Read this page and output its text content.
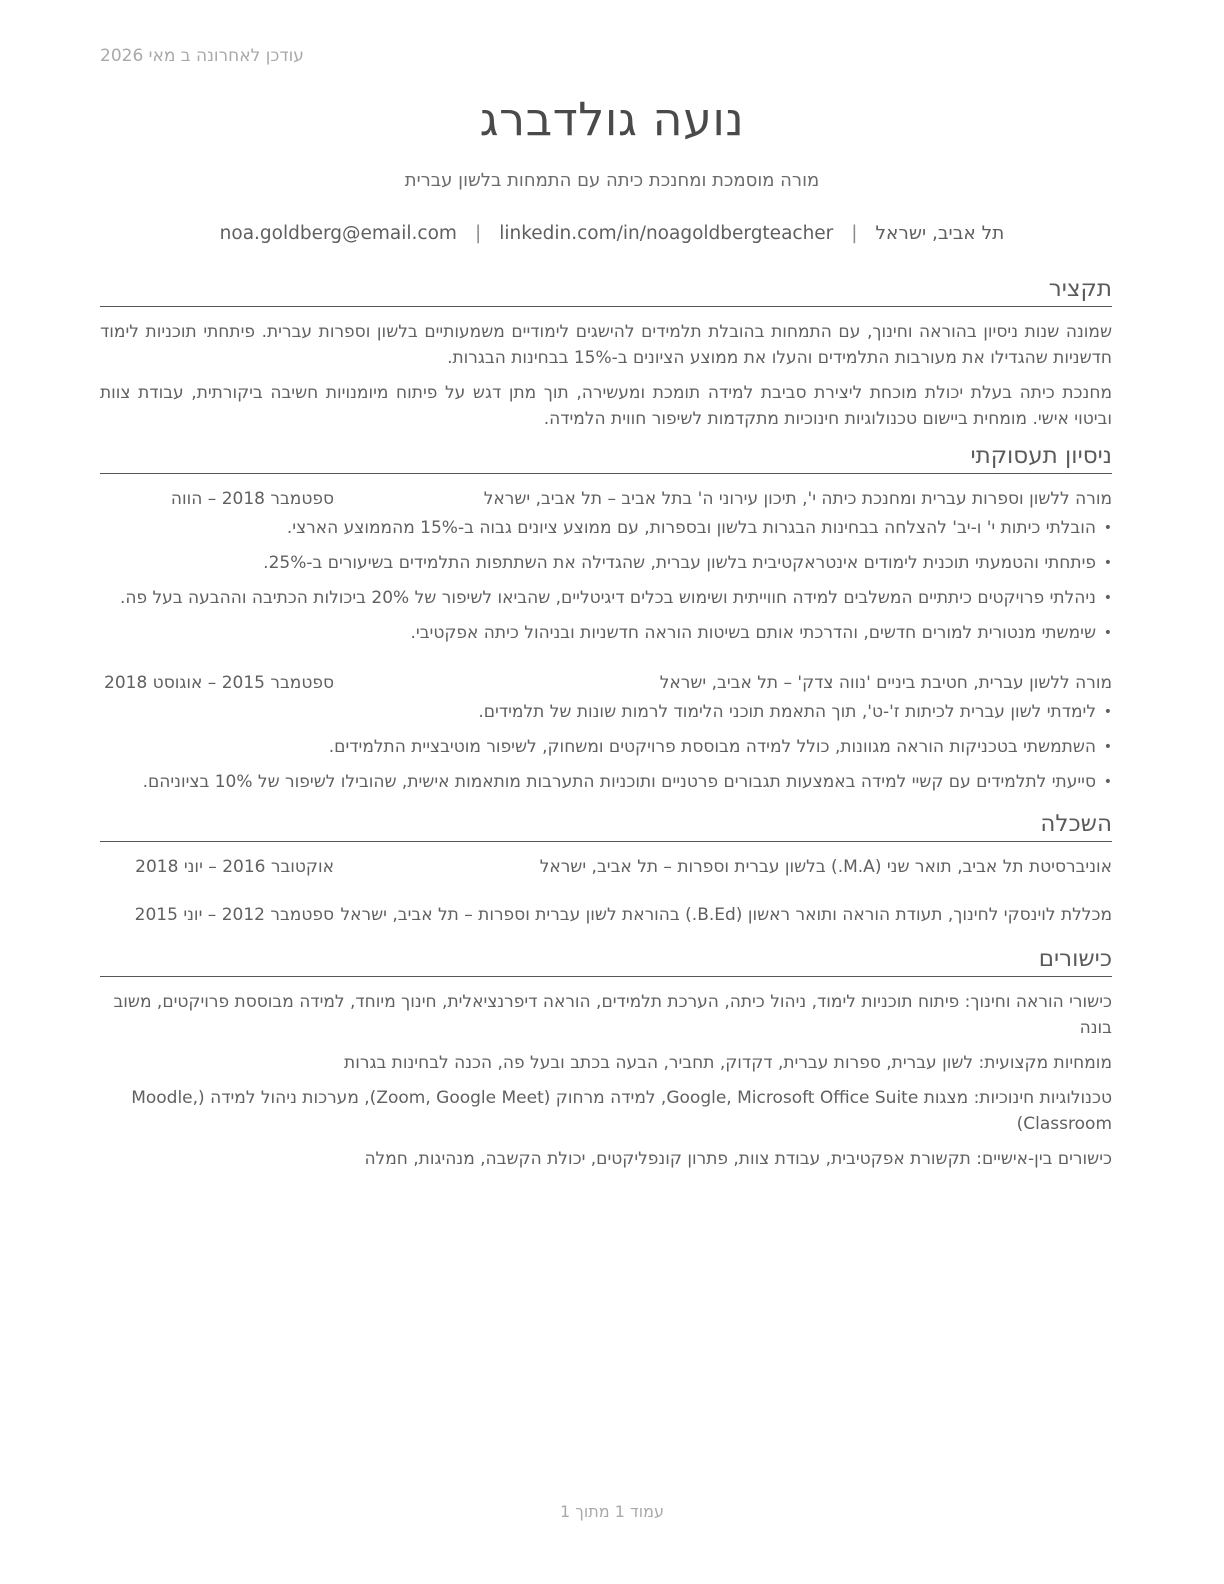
עודכן לאחרונה ב מאי 2026
נועה גולדברג
מורה מוסמכת ומחנכת כיתה עם התמחות בלשון עברית
תל אביב, ישראל|noa.goldberg@email.com | linkedin.com/in/noagoldbergteacher
תקציר

שמונה שנות ניסיון בהוראה וחינוך, עם התמחות בהובלת תלמידים להישגים לימודיים משמעותיים בלשון וספרות עברית. פיתחתי תוכניות לימוד חדשניות שהגדילו את מעורבות התלמידים והעלו את ממוצע הציונים ב-15% בבחינות הבגרות.

מחנכת כיתה בעלת יכולת מוכחת ליצירת סביבת למידה תומכת ומעשירה, תוך מתן דגש על פיתוח מיומנויות חשיבה ביקורתית, עבודת צוות וביטוי אישי. מומחית ביישום טכנולוגיות חינוכיות מתקדמות לשיפור חווית הלמידה.

ניסיון תעסוקתי
מורה ללשון וספרות עברית ומחנכת כיתה י', תיכון עירוני ה' בתל אביב – תל אביב, ישראל
ספטמבר 2018 – הווה
•
הובלתי כיתות י' ו-יב' להצלחה בבחינות הבגרות בלשון ובספרות, עם ממוצע ציונים גבוה ב-15% מהממוצע הארצי.
•
פיתחתי והטמעתי תוכנית לימודים אינטראקטיבית בלשון עברית, שהגדילה את השתתפות התלמידים בשיעורים ב-25%.
•
ניהלתי פרויקטים כיתתיים המשלבים למידה חווייתית ושימוש בכלים דיגיטליים, שהביאו לשיפור של 20% ביכולות הכתיבה וההבעה בעל פה.
•
שימשתי מנטורית למורים חדשים, והדרכתי אותם בשיטות הוראה חדשניות ובניהול כיתה אפקטיבי.
מורה ללשון עברית, חטיבת ביניים 'נווה צדק' – תל אביב, ישראל
ספטמבר 2015 – אוגוסט 2018
•
לימדתי לשון עברית לכיתות ז'-ט', תוך התאמת תוכני הלימוד לרמות שונות של תלמידים.
•
השתמשתי בטכניקות הוראה מגוונות, כולל למידה מבוססת פרויקטים ומשחוק, לשיפור מוטיבציית התלמידים.
•
סייעתי לתלמידים עם קשיי למידה באמצעות תגבורים פרטניים ותוכניות התערבות מותאמות אישית, שהובילו לשיפור של 10% בציוניהם.
השכלה
אוניברסיטת תל אביב, תואר שני (M.A.) בלשון עברית וספרות – תל אביב, ישראל
אוקטובר 2016 – יוני 2018
מכללת לוינסקי לחינוך, תעודת הוראה ותואר ראשון (B.Ed.) בהוראת לשון עברית וספרות – תל אביב, ישראל
ספטמבר 2012 – יוני 2015
כישורים

כישורי הוראה וחינוך: פיתוח תוכניות לימוד, ניהול כיתה, הערכת תלמידים, הוראה דיפרנציאלית, חינוך מיוחד, למידה מבוססת פרויקטים, משוב בונה

מומחיות מקצועית: לשון עברית, ספרות עברית, דקדוק, תחביר, הבעה בכתב ובעל פה, הכנה לבחינות בגרות

טכנולוגיות חינוכיות: מצגות Google, Microsoft Office Suite, למידה מרחוק (Zoom, Google Meet), מערכות ניהול למידה (Moodle, Classroom)

כישורים בין-אישיים: תקשורת אפקטיבית, עבודת צוות, פתרון קונפליקטים, יכולת הקשבה, מנהיגות, חמלה

עמוד 1 מתוך 1
